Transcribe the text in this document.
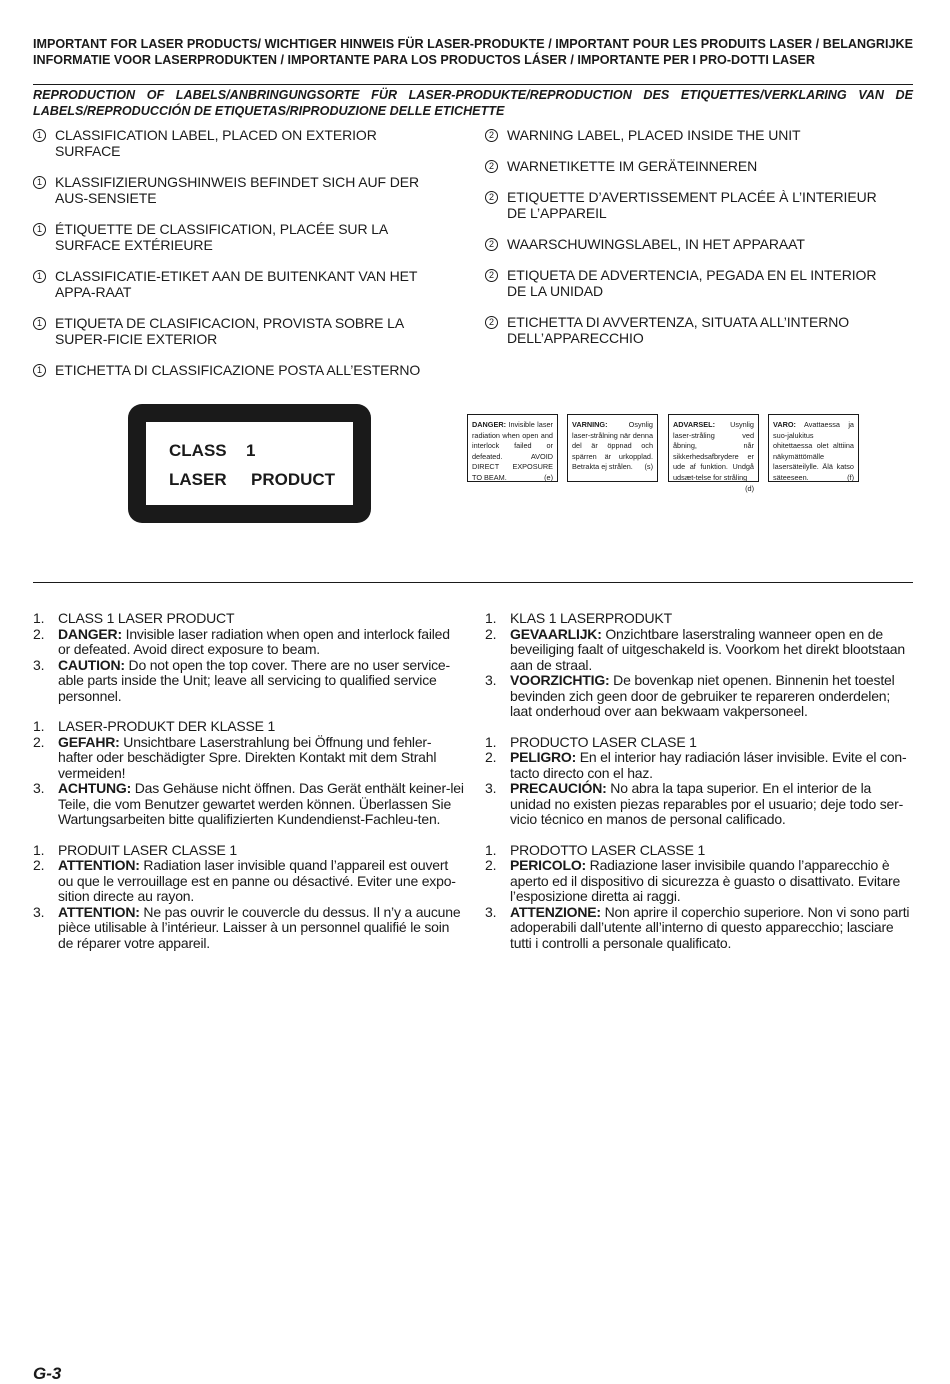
IMPORTANT FOR LASER PRODUCTS/ WICHTIGER HINWEIS FÜR LASER-PRODUKTE / IMPORTANT POUR LES PRODUITS LASER / BELANGRIJKE INFORMATIE VOOR LASERPRODUKTEN / IMPORTANTE PARA LOS PRODUCTOS LÁSER / IMPORTANTE PER I PRO-DOTTI LASER
REPRODUCTION OF LABELS/ANBRINGUNGSORTE FÜR LASER-PRODUKTE/REPRODUCTION DES ETIQUETTES/VERKLARING VAN DE LABELS/REPRODUCCIÓN DE ETIQUETAS/RIPRODUZIONE DELLE ETICHETTE
1 CLASSIFICATION LABEL, PLACED ON EXTERIOR SURFACE
1 KLASSIFIZIERUNGSHINWEIS BEFINDET SICH AUF DER AUS-SENSIETE
1 ÉTIQUETTE DE CLASSIFICATION, PLACÉE SUR LA SURFACE EXTÉRIEURE
1 CLASSIFICATIE-ETIKET AAN DE BUITENKANT VAN HET APPA-RAAT
1 ETIQUETA DE CLASIFICACION, PROVISTA SOBRE LA SUPER-FICIE EXTERIOR
1 ETICHETTA DI CLASSIFICAZIONE POSTA ALL’ESTERNO
2 WARNING LABEL, PLACED INSIDE THE UNIT
2 WARNETIKETTE IM GERÄTEINNEREN
2 ETIQUETTE D’AVERTISSEMENT PLACÉE À L’INTERIEUR DE L’APPAREIL
2 WAARSCHUWINGSLABEL, IN HET APPARAAT
2 ETIQUETA DE ADVERTENCIA, PEGADA EN EL INTERIOR DE LA UNIDAD
2 ETICHETTA DI AVVERTENZA, SITUATA ALL’INTERNO DELL’APPARECCHIO
CLASS 1
LASER PRODUCT
DANGER: Invisible laser radiation when open and interlock failed or defeated. AVOID DIRECT EXPOSURE TO BEAM.	(e)
VARNING:	Osynlig laser-strålning när denna del är öppnad och spärren är urkopplad. Betrakta ej strålen. (s)
ADVARSEL: Usynlig laser-stråling ved åbning, når sikkerhedsafbrydere er ude af funktion. Undgå udsæt-telse for stråling
(d)
VARO: Avattaessa ja suo-jalukitus ohitettaessa olet alttiina näkymättömälle lasersäteilylle. Älä katso säteeseen.	(f)
1. CLASS 1 LASER PRODUCT
2. DANGER: Invisible laser radiation when open and interlock failed or defeated. Avoid direct exposure to beam.
3. CAUTION: Do not open the top cover. There are no user service-able parts inside the Unit; leave all servicing to qualified service personnel.
1. LASER-PRODUKT DER KLASSE 1
2. GEFAHR: Unsichtbare Laserstrahlung bei Öffnung und fehler-hafter oder beschädigter Spre. Direkten Kontakt mit dem Strahl vermeiden!
3. ACHTUNG: Das Gehäuse nicht öffnen. Das Gerät enthält keiner-lei Teile, die vom Benutzer gewartet werden können. Überlassen Sie Wartungsarbeiten bitte qualifizierten Kundendienst-Fachleu-ten.
1. PRODUIT LASER CLASSE 1
2. ATTENTION: Radiation laser invisible quand l’appareil est ouvert ou que le verrouillage est en panne ou désactivé. Eviter une expo-sition directe au rayon.
3. ATTENTION: Ne pas ouvrir le couvercle du dessus. Il n’y a aucune pièce utilisable à l’intérieur. Laisser à un personnel qualifié le soin de réparer votre appareil.
1. KLAS 1 LASERPRODUKT
2. GEVAARLIJK: Onzichtbare laserstraling wanneer open en de beveiliging faalt of uitgeschakeld is. Voorkom het direkt blootstaan aan de straal.
3. VOORZICHTIG: De bovenkap niet openen. Binnenin het toestel bevinden zich geen door de gebruiker te repareren onderdelen; laat onderhoud over aan bekwaam vakpersoneel.
1. PRODUCTO LASER CLASE 1
2. PELIGRO: En el interior hay radiación láser invisible. Evite el con-tacto directo con el haz.
3. PRECAUCIÓN: No abra la tapa superior. En el interior de la unidad no existen piezas reparables por el usuario; deje todo ser-vicio técnico en manos de personal calificado.
1. PRODOTTO LASER CLASSE 1
2. PERICOLO: Radiazione laser invisibile quando l’apparecchio è aperto ed il dispositivo di sicurezza è guasto o disattivato. Evitare l’esposizione diretta ai raggi.
3. ATTENZIONE: Non aprire il coperchio superiore. Non vi sono parti adoperabili dall’utente all’interno di questo apparecchio; lasciare tutti i controlli a personale qualificato.
G-3
